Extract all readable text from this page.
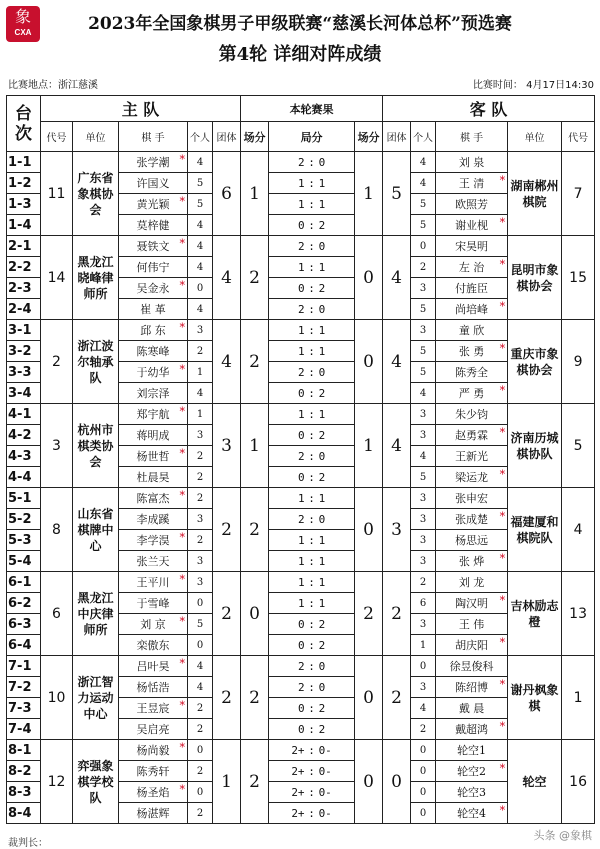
象
CXA	2023年全国象棋男子甲级联赛“慈溪长河体总杯”预选赛
第4轮 详细对阵成绩
比赛地点：浙江慈溪	比赛时间： 4月17日14:30
台次	主 队					本轮赛果			客 队				
	代号	单位	棋 手	个人	团体	场分	局分	场分	团体	个人	棋 手	单位	代号
1-1	11	广东省象棋协会	张学潮 *	4	6	1	2 : 0	1	5	4	刘 泉	湖南郴州棋院	7
1-2			许国义	5			1 : 1			4	王 清 *		

1-3			黄光颖 *	5			1 : 1			5	欧照芳		

1-4			莫梓健	4			0 : 2			5	谢业枧 *		

2-1	14	黑龙江晓峰律师所	聂铁文 *	4	4	2	2 : 0	0	4	0	宋昊明	昆明市象棋协会	15
2-2			何伟宁	4			1 : 1			2	左 治 *		

2-3			吴金永 *	0			0 : 2			3	付旌臣		

2-4			崔 革	4			2 : 0			5	尚培峰 *		

3-1	2	浙江波尔轴承队	邱 东 *	3	4	2	1 : 1	0	4	3	童 欣	重庆市象棋协会	9
3-2			陈寒峰	2			1 : 1			5	张 勇 *		

3-3			于幼华 *	1			2 : 0			5	陈秀全		

3-4			刘宗泽	4			0 : 2			4	严 勇 *		

4-1	3	杭州市棋类协会	郑宇航 *	1	3	1	1 : 1	1	4	3	朱少钧	济南历城棋协队	5
4-2			蒋明成	3			0 : 2			3	赵勇霖 *		

4-3			杨世哲 *	2			2 : 0			4	王新光		

4-4			杜晨昊	2			0 : 2			5	梁运龙 *		

5-1	8	山东省棋牌中心	陈富杰 *	2	2	2	1 : 1	0	3	3	张申宏	福建厦和棋院队	4
5-2			李成蹊	3			2 : 0			3	张成楚 *		

5-3			李学淏 *	2			1 : 1			3	杨思远		

5-4			张兰天	3			1 : 1			3	张 烨 *		

6-1	6	黑龙江中庆律师所	王平川 *	3	2	0	1 : 1	2	2	2	刘 龙	吉林励志橙	13
6-2			于雪峰	0			1 : 1			6	陶汉明 *		

6-3			刘 京 *	5			0 : 2			3	王 伟		

6-4			栾傲东	0			0 : 2			1	胡庆阳 *		

7-1	10	浙江智力运动中心	吕叶昊 *	4	2	2	2 : 0	0	2	0	徐昱俊科	谢丹枫象棋	1
7-2			杨恬浩	4			2 : 0			3	陈绍博 *		

7-3			王昱宸 *	2			0 : 2			4	戴 晨		

7-4			吴启亮	2			0 : 2			2	戴超鸿 *		

8-1	12	弈强象棋学校队	杨尚毅 *	0	1	2	2+ : 0-	0	0	0	轮空1	轮空	16
8-2			陈秀轩	2			2+ : 0-			0	轮空2 *		

8-3			杨圣焰 *	0			2+ : 0-			0	轮空3		

8-4			杨湛辉	2			2+ : 0-			0	轮空4 *		
裁判长：
头条 @象棋
